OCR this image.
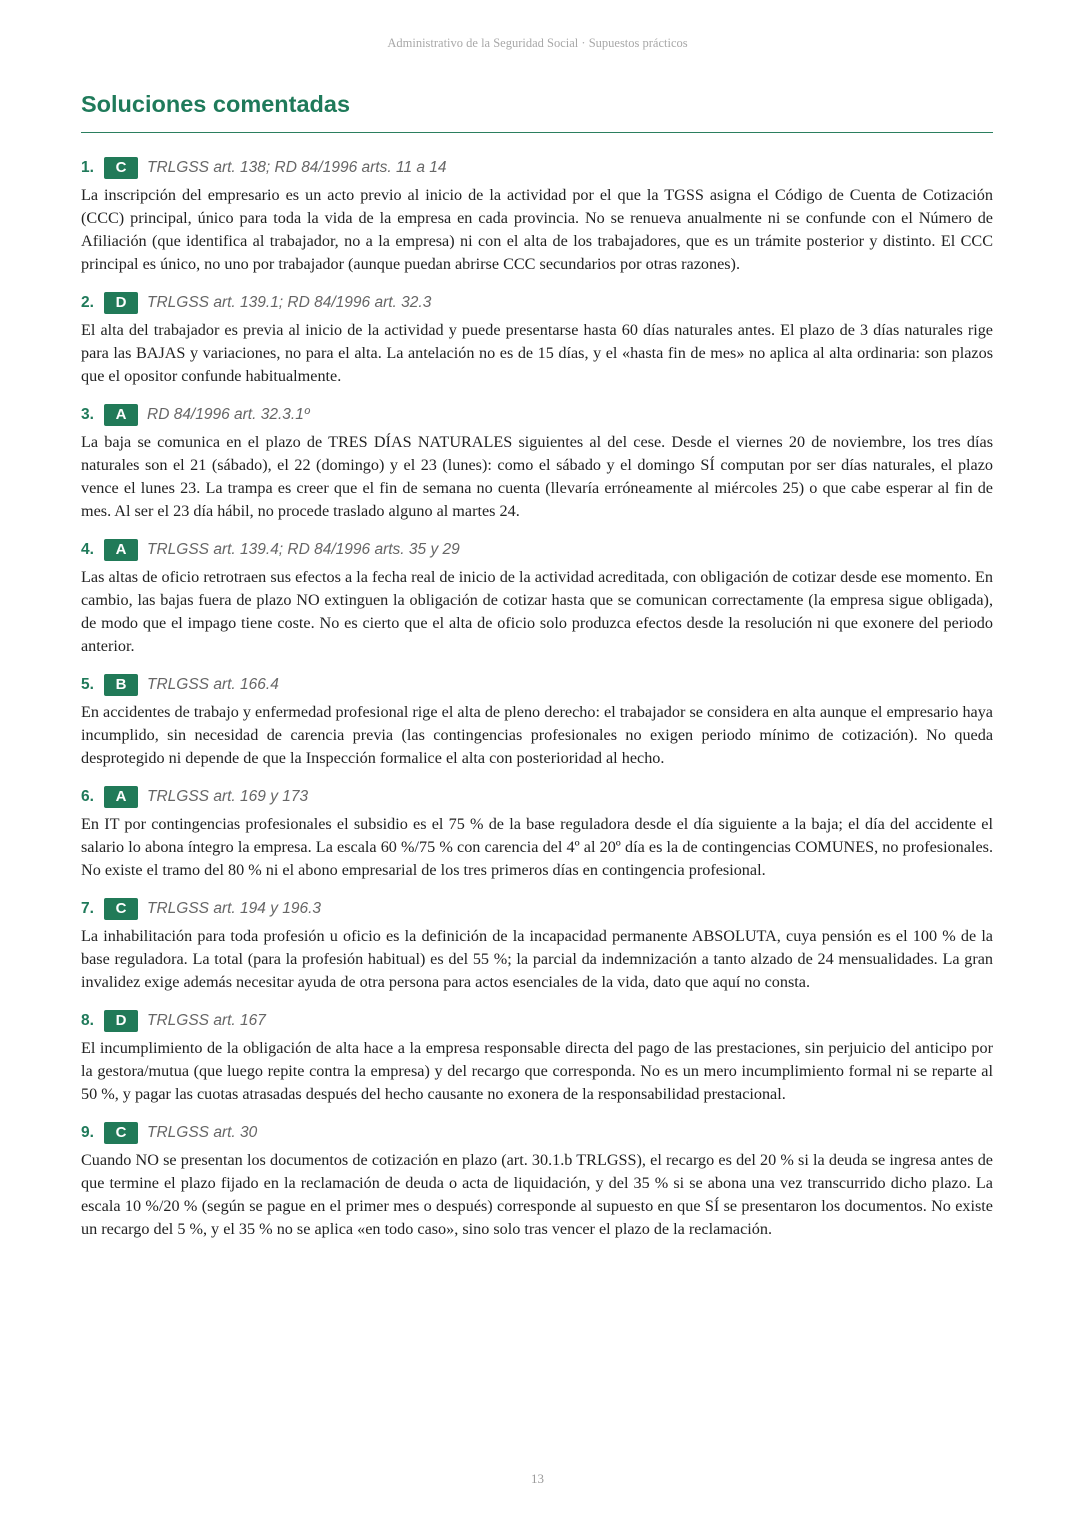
Administrativo de la Seguridad Social · Supuestos prácticos
Soluciones comentadas
1.	C	TRLGSS art. 138; RD 84/1996 arts. 11 a 14

La inscripción del empresario es un acto previo al inicio de la actividad por el que la TGSS asigna el Código de Cuenta de Cotización (CCC) principal, único para toda la vida de la empresa en cada provincia. No se renueva anualmente ni se confunde con el Número de Afiliación (que identifica al trabajador, no a la empresa) ni con el alta de los trabajadores, que es un trámite posterior y distinto. El CCC principal es único, no uno por trabajador (aunque puedan abrirse CCC secundarios por otras razones).

2.	D	TRLGSS art. 139.1; RD 84/1996 art. 32.3

El alta del trabajador es previa al inicio de la actividad y puede presentarse hasta 60 días naturales antes. El plazo de 3 días naturales rige para las BAJAS y variaciones, no para el alta. La antelación no es de 15 días, y el «hasta fin de mes» no aplica al alta ordinaria: son plazos que el opositor confunde habitualmente.

3.	A	RD 84/1996 art. 32.3.1º

La baja se comunica en el plazo de TRES DÍAS NATURALES siguientes al del cese. Desde el viernes 20 de noviembre, los tres días naturales son el 21 (sábado), el 22 (domingo) y el 23 (lunes): como el sábado y el domingo SÍ computan por ser días naturales, el plazo vence el lunes 23. La trampa es creer que el fin de semana no cuenta (llevaría erróneamente al miércoles 25) o que cabe esperar al fin de mes. Al ser el 23 día hábil, no procede traslado alguno al martes 24.

4.	A	TRLGSS art. 139.4; RD 84/1996 arts. 35 y 29

Las altas de oficio retrotraen sus efectos a la fecha real de inicio de la actividad acreditada, con obligación de cotizar desde ese momento. En cambio, las bajas fuera de plazo NO extinguen la obligación de cotizar hasta que se comunican correctamente (la empresa sigue obligada), de modo que el impago tiene coste. No es cierto que el alta de oficio solo produzca efectos desde la resolución ni que exonere del periodo anterior.

5.	B	TRLGSS art. 166.4

En accidentes de trabajo y enfermedad profesional rige el alta de pleno derecho: el trabajador se considera en alta aunque el empresario haya incumplido, sin necesidad de carencia previa (las contingencias profesionales no exigen periodo mínimo de cotización). No queda desprotegido ni depende de que la Inspección formalice el alta con posterioridad al hecho.

6.	A	TRLGSS art. 169 y 173

En IT por contingencias profesionales el subsidio es el 75 % de la base reguladora desde el día siguiente a la baja; el día del accidente el salario lo abona íntegro la empresa. La escala 60 %/75 % con carencia del 4º al 20º día es la de contingencias COMUNES, no profesionales. No existe el tramo del 80 % ni el abono empresarial de los tres primeros días en contingencia profesional.

7.	C	TRLGSS art. 194 y 196.3

La inhabilitación para toda profesión u oficio es la definición de la incapacidad permanente ABSOLUTA, cuya pensión es el 100 % de la base reguladora. La total (para la profesión habitual) es del 55 %; la parcial da indemnización a tanto alzado de 24 mensualidades. La gran invalidez exige además necesitar ayuda de otra persona para actos esenciales de la vida, dato que aquí no consta.

8.	D	TRLGSS art. 167

El incumplimiento de la obligación de alta hace a la empresa responsable directa del pago de las prestaciones, sin perjuicio del anticipo por la gestora/mutua (que luego repite contra la empresa) y del recargo que corresponda. No es un mero incumplimiento formal ni se reparte al 50 %, y pagar las cuotas atrasadas después del hecho causante no exonera de la responsabilidad prestacional.

9.	C	TRLGSS art. 30

Cuando NO se presentan los documentos de cotización en plazo (art. 30.1.b TRLGSS), el recargo es del 20 % si la deuda se ingresa antes de que termine el plazo fijado en la reclamación de deuda o acta de liquidación, y del 35 % si se abona una vez transcurrido dicho plazo. La escala 10 %/20 % (según se pague en el primer mes o después) corresponde al supuesto en que SÍ se presentaron los documentos. No existe un recargo del 5 %, y el 35 % no se aplica «en todo caso», sino solo tras vencer el plazo de la reclamación.

13
